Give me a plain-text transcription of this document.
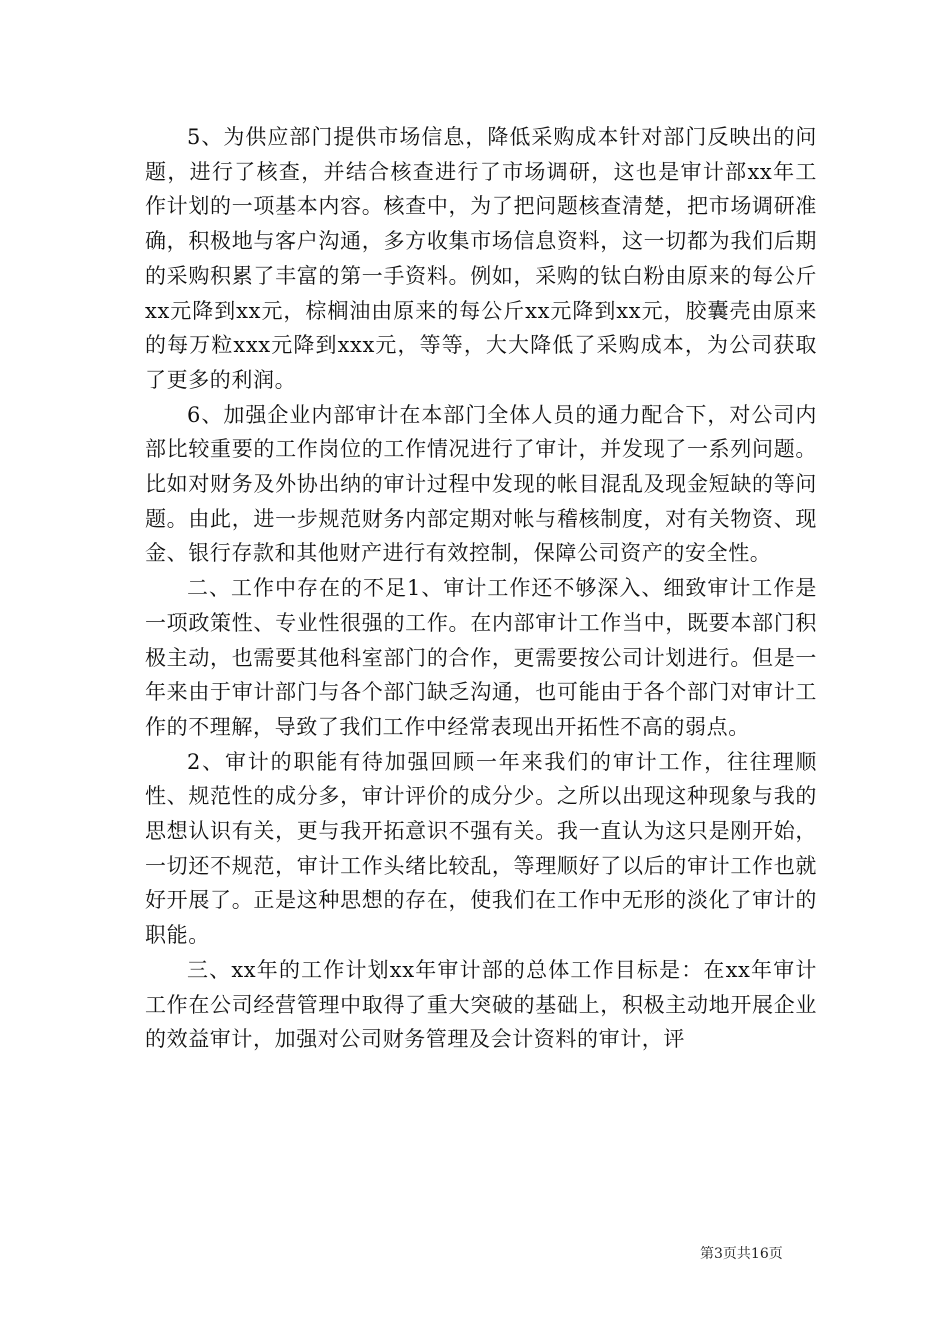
5、为供应部门提供市场信息，降低采购成本针对部门反映出的问题，进行了核查，并结合核查进行了市场调研，这也是审计部xx年工作计划的一项基本内容。核查中，为了把问题核查清楚，把市场调研准确，积极地与客户沟通，多方收集市场信息资料，这一切都为我们后期的采购积累了丰富的第一手资料。例如，采购的钛白粉由原来的每公斤xx元降到xx元，棕榈油由原来的每公斤xx元降到xx元，胶囊壳由原来的每万粒xxx元降到xxx元，等等，大大降低了采购成本，为公司获取了更多的利润。

6、加强企业内部审计在本部门全体人员的通力配合下，对公司内部比较重要的工作岗位的工作情况进行了审计，并发现了一系列问题。比如对财务及外协出纳的审计过程中发现的帐目混乱及现金短缺的等问题。由此，进一步规范财务内部定期对帐与稽核制度，对有关物资、现金、银行存款和其他财产进行有效控制，保障公司资产的安全性。

二、工作中存在的不足1、审计工作还不够深入、细致审计工作是一项政策性、专业性很强的工作。在内部审计工作当中，既要本部门积极主动，也需要其他科室部门的合作，更需要按公司计划进行。但是一年来由于审计部门与各个部门缺乏沟通，也可能由于各个部门对审计工作的不理解，导致了我们工作中经常表现出开拓性不高的弱点。

2、审计的职能有待加强回顾一年来我们的审计工作，往往理顺性、规范性的成分多，审计评价的成分少。之所以出现这种现象与我的思想认识有关，更与我开拓意识不强有关。我一直认为这只是刚开始，一切还不规范，审计工作头绪比较乱，等理顺好了以后的审计工作也就好开展了。正是这种思想的存在，使我们在工作中无形的淡化了审计的职能。

三、xx年的工作计划xx年审计部的总体工作目标是：在xx年审计工作在公司经营管理中取得了重大突破的基础上，积极主动地开展企业的效益审计，加强对公司财务管理及会计资料的审计，评

第3页共16页
